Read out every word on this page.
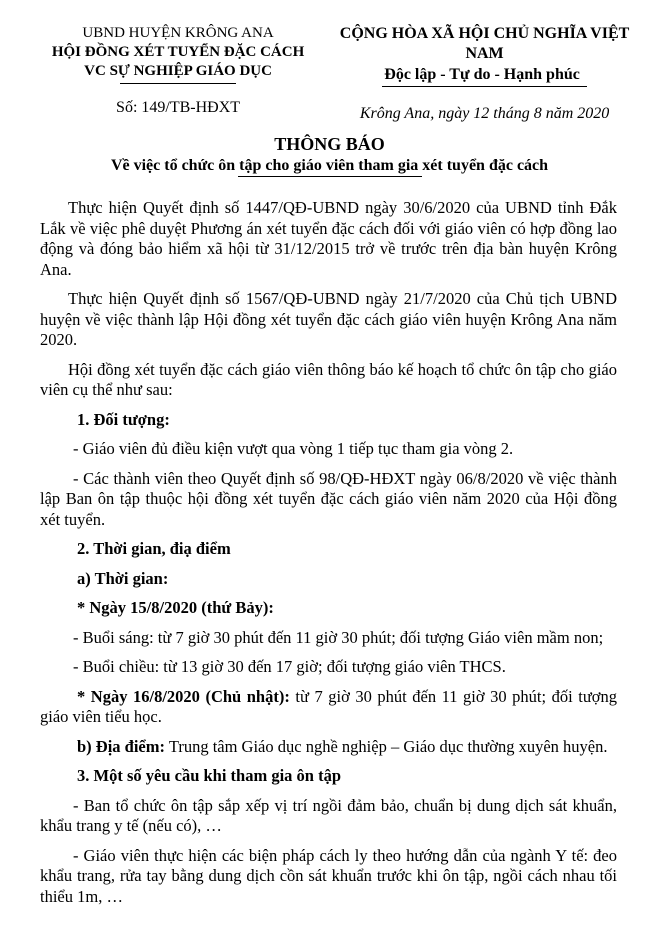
UBND HUYỆN KRÔNG ANA
HỘI ĐỒNG XÉT TUYỂN ĐẶC CÁCH
VC SỰ NGHIỆP GIÁO DỤC
Số: 149/TB-HĐXT
CỘNG HÒA XÃ HỘI CHỦ NGHĨA VIỆT NAM
Độc lập - Tự do - Hạnh phúc
Krông Ana, ngày 12 tháng 8 năm 2020
THÔNG BÁO
Về việc tổ chức ôn tập cho giáo viên tham gia xét tuyển đặc cách

Thực hiện Quyết định số 1447/QĐ-UBND ngày 30/6/2020 của UBND tỉnh Đắk Lắk về việc phê duyệt Phương án xét tuyển đặc cách đối với giáo viên có hợp đồng lao động và đóng bảo hiểm xã hội từ 31/12/2015 trở về trước trên địa bàn huyện Krông Ana.

Thực hiện Quyết định số 1567/QĐ-UBND ngày 21/7/2020 của Chủ tịch UBND huyện về việc thành lập Hội đồng xét tuyển đặc cách giáo viên huyện Krông Ana năm 2020.

Hội đồng xét tuyển đặc cách giáo viên thông báo kế hoạch tổ chức ôn tập cho giáo viên cụ thể như sau:

1. Đối tượng:

- Giáo viên đủ điều kiện vượt qua vòng 1 tiếp tục tham gia vòng 2.

- Các thành viên theo Quyết định số 98/QĐ-HĐXT ngày 06/8/2020 về việc thành lập Ban ôn tập thuộc hội đồng xét tuyển đặc cách giáo viên năm 2020 của Hội đồng xét tuyển.

2. Thời gian, điạ điểm

a) Thời gian:

* Ngày 15/8/2020 (thứ Bảy):

- Buổi sáng: từ 7 giờ 30 phút đến 11 giờ 30 phút; đối tượng Giáo viên mầm non;

- Buổi chiều: từ 13 giờ 30 đến 17 giờ; đối tượng giáo viên THCS.

* Ngày 16/8/2020 (Chủ nhật): từ 7 giờ 30 phút đến 11 giờ 30 phút; đối tượng giáo viên tiểu học.

b) Địa điểm: Trung tâm Giáo dục nghề nghiệp – Giáo dục thường xuyên huyện.

3. Một số yêu cầu khi tham gia ôn tập

- Ban tổ chức ôn tập sắp xếp vị trí ngồi đảm bảo, chuẩn bị dung dịch sát khuẩn, khẩu trang y tế (nếu có), …

- Giáo viên thực hiện các biện pháp cách ly theo hướng dẫn của ngành Y tế: đeo khẩu trang, rửa tay bằng dung dịch cồn sát khuẩn trước khi ôn tập, ngồi cách nhau tối thiểu 1m, …
